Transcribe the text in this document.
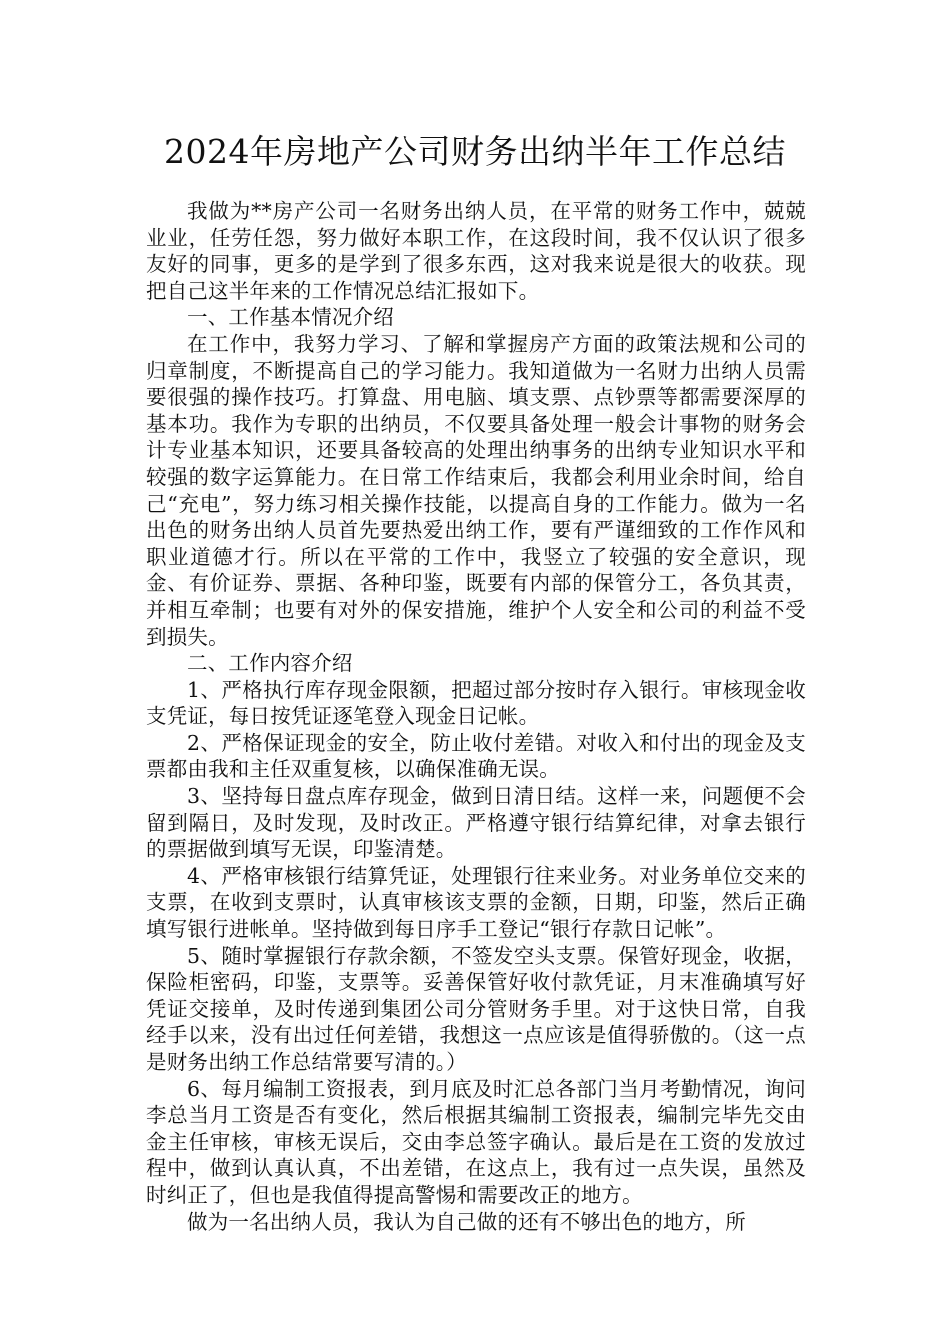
2024年房地产公司财务出纳半年工作总结

我做为**房产公司一名财务出纳人员，在平常的财务工作中，兢兢业业，任劳任怨，努力做好本职工作，在这段时间，我不仅认识了很多友好的同事，更多的是学到了很多东西，这对我来说是很大的收获。现把自己这半年来的工作情况总结汇报如下。

一、工作基本情况介绍

在工作中，我努力学习、了解和掌握房产方面的政策法规和公司的归章制度，不断提高自己的学习能力。我知道做为一名财力出纳人员需要很强的操作技巧。打算盘、用电脑、填支票、点钞票等都需要深厚的基本功。我作为专职的出纳员，不仅要具备处理一般会计事物的财务会计专业基本知识，还要具备较高的处理出纳事务的出纳专业知识水平和较强的数字运算能力。在日常工作结束后，我都会利用业余时间，给自己“充电”，努力练习相关操作技能，以提高自身的工作能力。做为一名出色的财务出纳人员首先要热爱出纳工作，要有严谨细致的工作作风和职业道德才行。所以在平常的工作中，我竖立了较强的安全意识，现金、有价证券、票据、各种印鉴，既要有内部的保管分工，各负其责，并相互牵制；也要有对外的保安措施，维护个人安全和公司的利益不受到损失。

二、工作内容介绍

1、严格执行库存现金限额，把超过部分按时存入银行。审核现金收支凭证，每日按凭证逐笔登入现金日记帐。

2、严格保证现金的安全，防止收付差错。对收入和付出的现金及支票都由我和主任双重复核，以确保准确无误。

3、坚持每日盘点库存现金，做到日清日结。这样一来，问题便不会留到隔日，及时发现，及时改正。严格遵守银行结算纪律，对拿去银行的票据做到填写无误，印鉴清楚。

4、严格审核银行结算凭证，处理银行往来业务。对业务单位交来的支票，在收到支票时，认真审核该支票的金额，日期，印鉴，然后正确填写银行进帐单。坚持做到每日序手工登记“银行存款日记帐”。

5、随时掌握银行存款余额，不签发空头支票。保管好现金，收据，保险柜密码，印鉴，支票等。妥善保管好收付款凭证，月末准确填写好凭证交接单，及时传递到集团公司分管财务手里。对于这快日常，自我经手以来，没有出过任何差错，我想这一点应该是值得骄傲的。（这一点是财务出纳工作总结常要写清的。）

6、每月编制工资报表，到月底及时汇总各部门当月考勤情况，询问李总当月工资是否有变化，然后根据其编制工资报表，编制完毕先交由金主任审核，审核无误后，交由李总签字确认。最后是在工资的发放过程中，做到认真认真，不出差错，在这点上，我有过一点失误，虽然及时纠正了，但也是我值得提高警惕和需要改正的地方。

做为一名出纳人员，我认为自己做的还有不够出色的地方，所
